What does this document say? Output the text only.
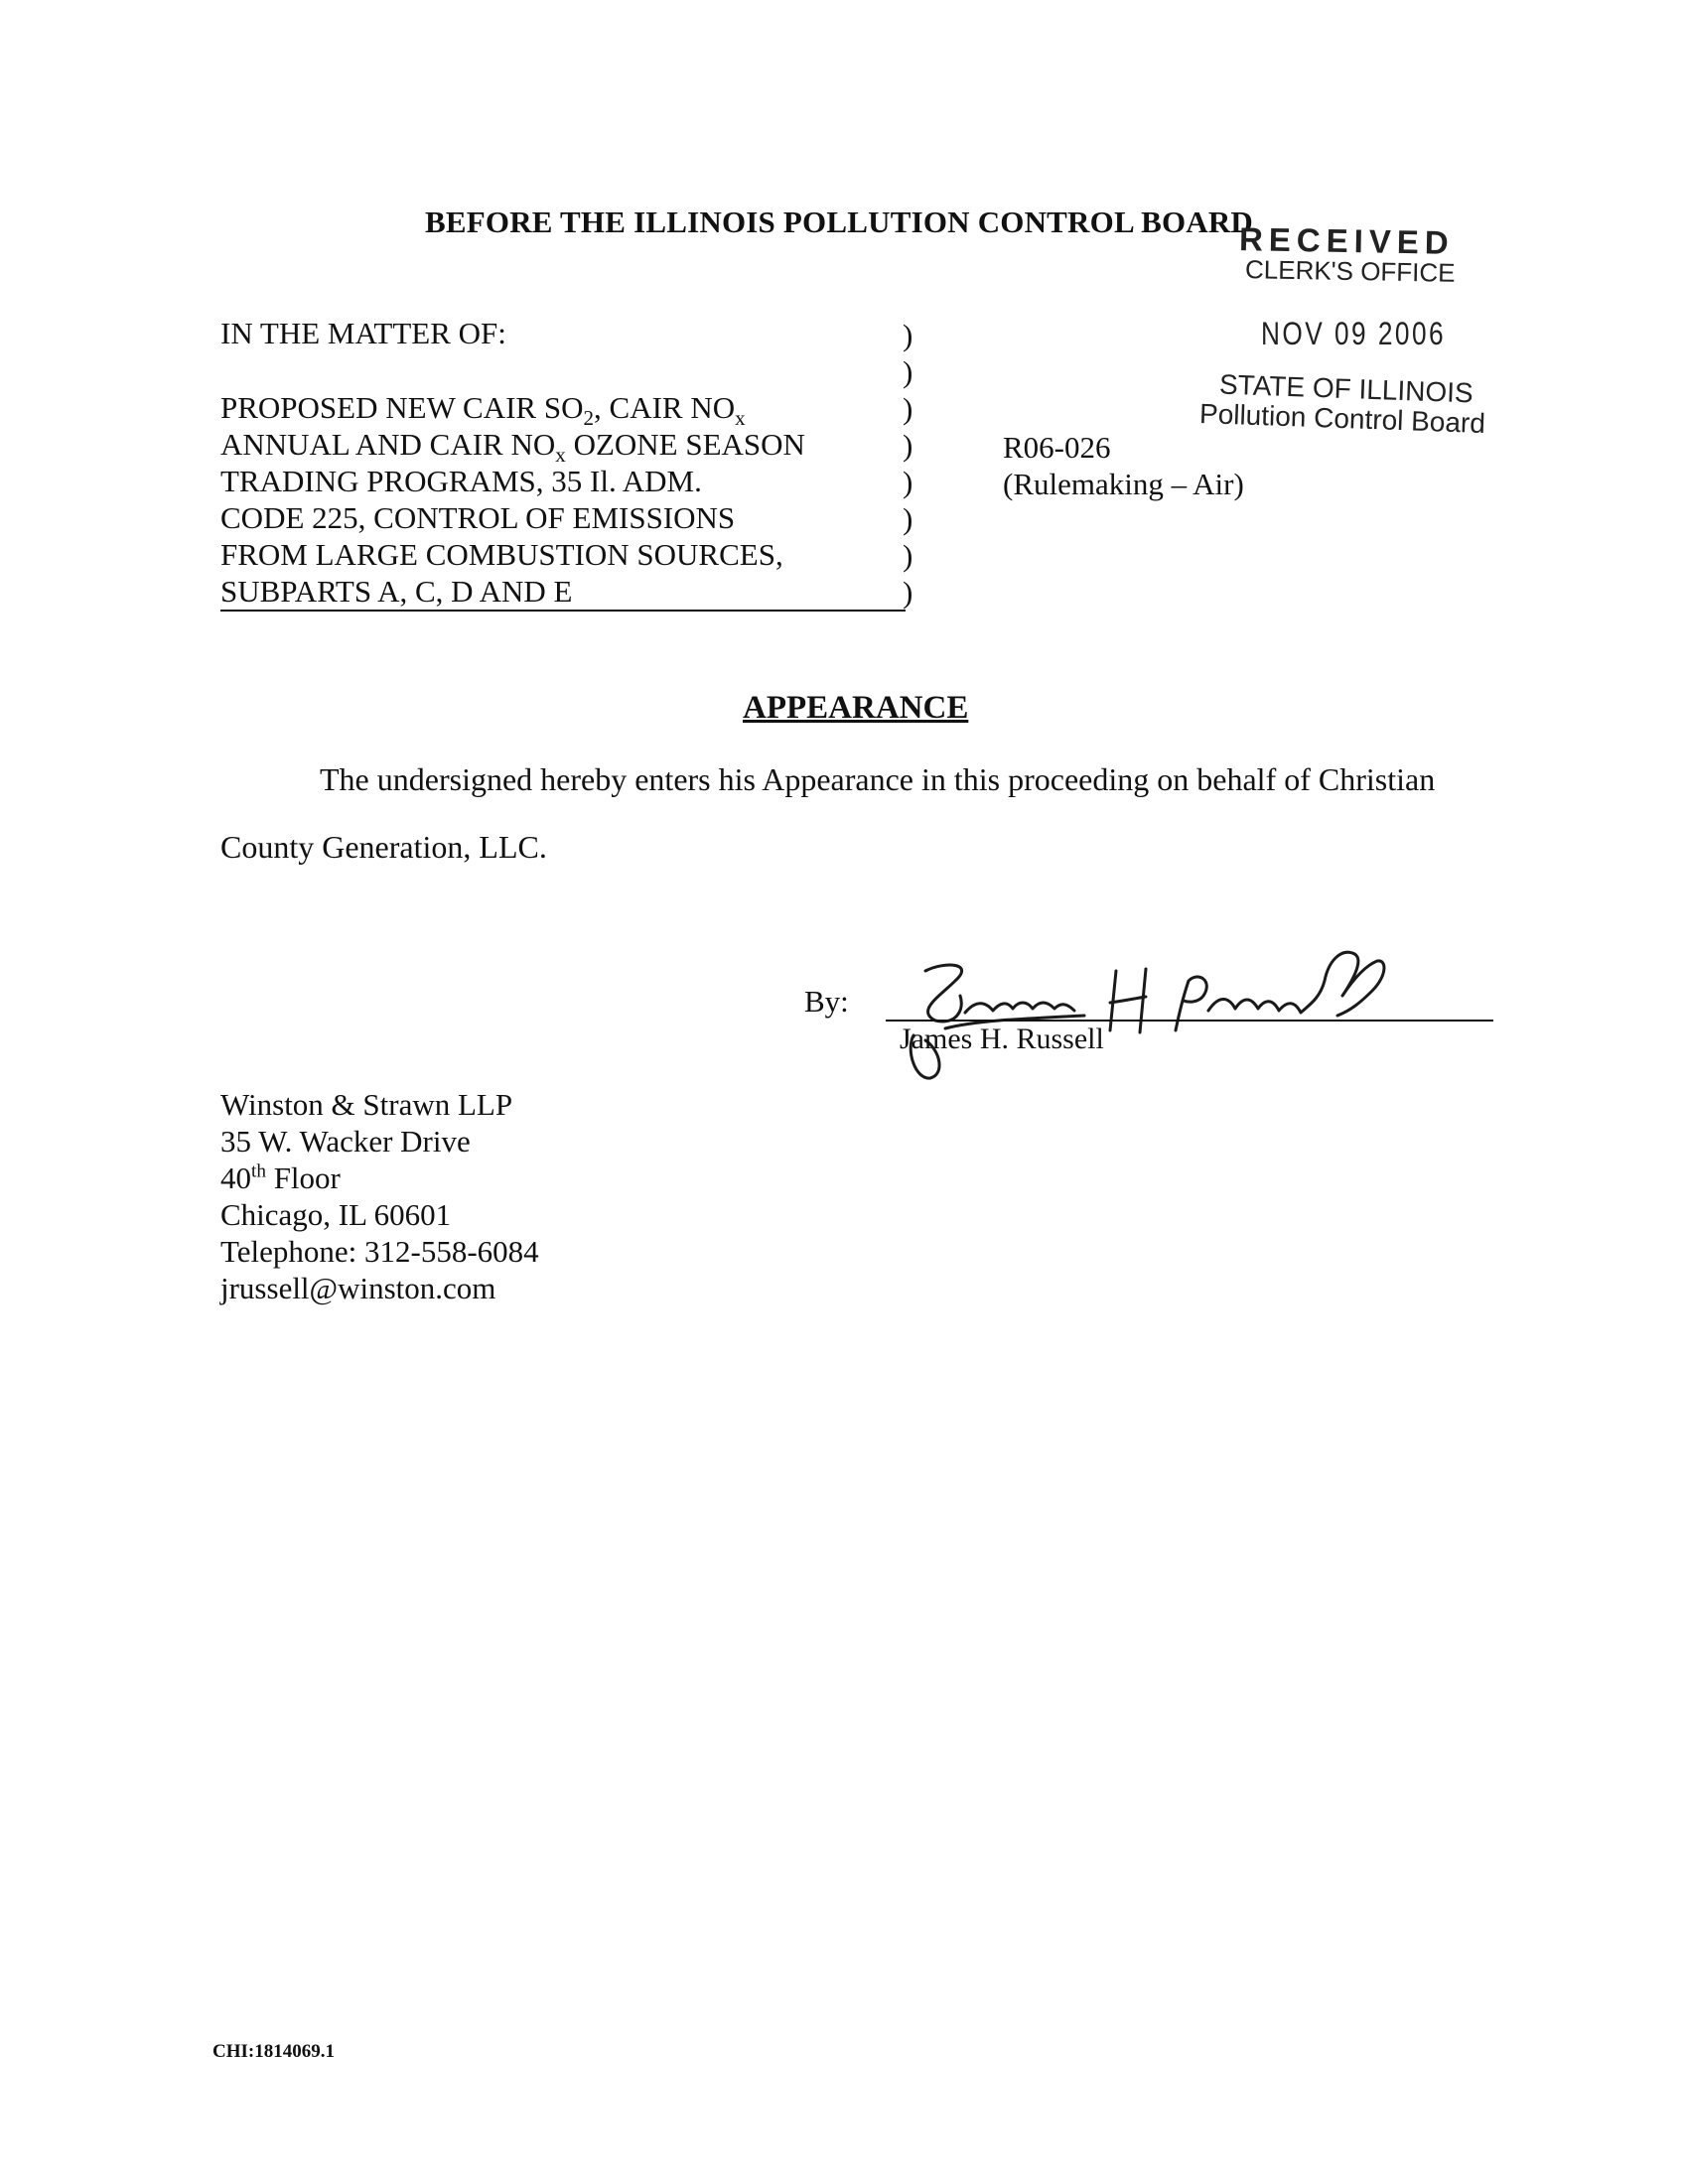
BEFORE THE ILLINOIS POLLUTION CONTROL BOARD
RECEIVED
CLERK'S OFFICE
NOV 09 2006
STATE OF ILLINOIS
Pollution Control Board
IN THE MATTER OF:
PROPOSED NEW CAIR $SO_2$, CAIR $NO_x$
ANNUAL AND CAIR $NO_x$ OZONE SEASON
TRADING PROGRAMS, 35 Il. ADM.
CODE 225, CONTROL OF EMISSIONS
FROM LARGE COMBUSTION SOURCES,
SUBPARTS A, C, D AND E
)
)
)
)
)
)
)
)
R06-026
(Rulemaking – Air)
APPEARANCE
The undersigned hereby enters his Appearance in this proceeding on behalf of Christian
County Generation, LLC.
By:
James H. Russell
Winston & Strawn LLP
35 W. Wacker Drive
40th Floor
Chicago, IL 60601
Telephone: 312-558-6084
jrussell@winston.com
CHI:1814069.1
